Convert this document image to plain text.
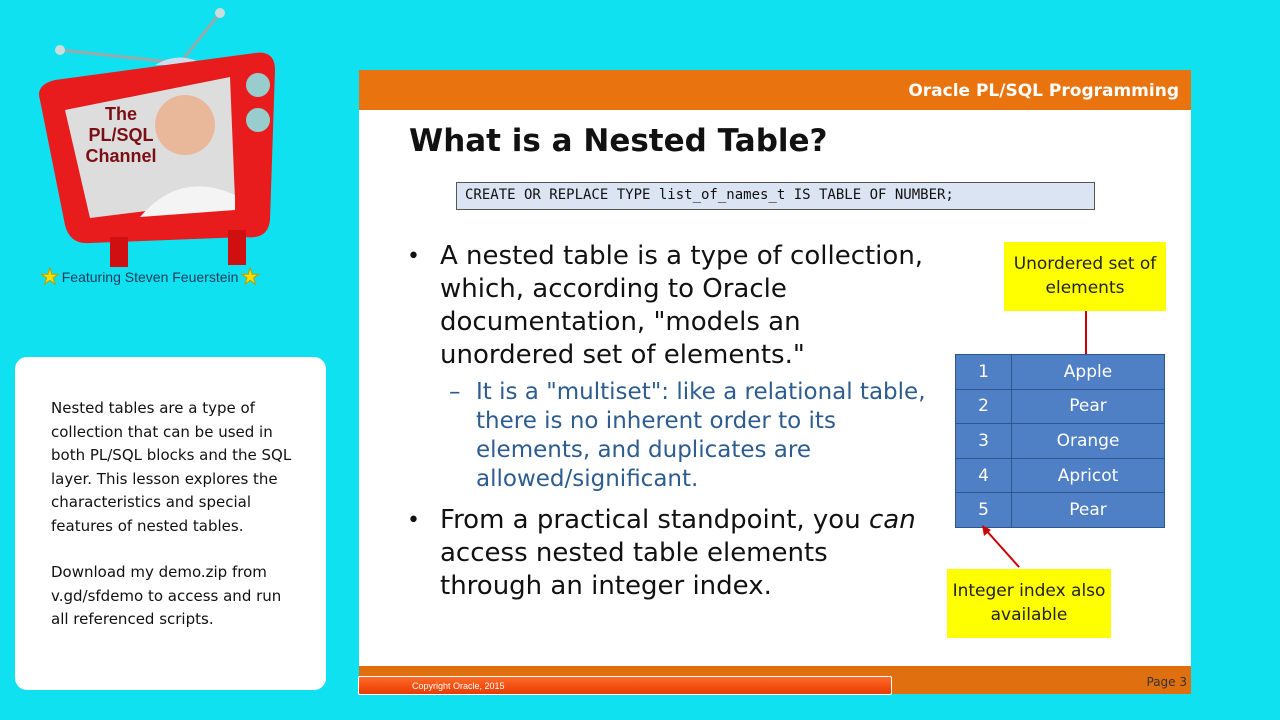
The PL/SQL Channel
★ Featuring Steven Feuerstein ★

Nested tables are a type of collection that can be used in both PL/SQL blocks and the SQL layer. This lesson explores the characteristics and special features of nested tables.

Download my demo.zip from v.gd/sfdemo to access and run all referenced scripts.

Oracle PL/SQL Programming
What is a Nested Table?
CREATE OR REPLACE TYPE list_of_names_t IS TABLE OF NUMBER;
• A nested table is a type of collection, which, according to Oracle documentation, "models an unordered set of elements."
– It is a "multiset": like a relational table, there is no inherent order to its elements, and duplicates are allowed/significant.
• From a practical standpoint, you can access nested table elements through an integer index.
Unordered set of elements
1	Apple
2	Pear
3	Orange
4	Apricot
5	Pear
Integer index also available
Page 3
Copyright Oracle, 2015
